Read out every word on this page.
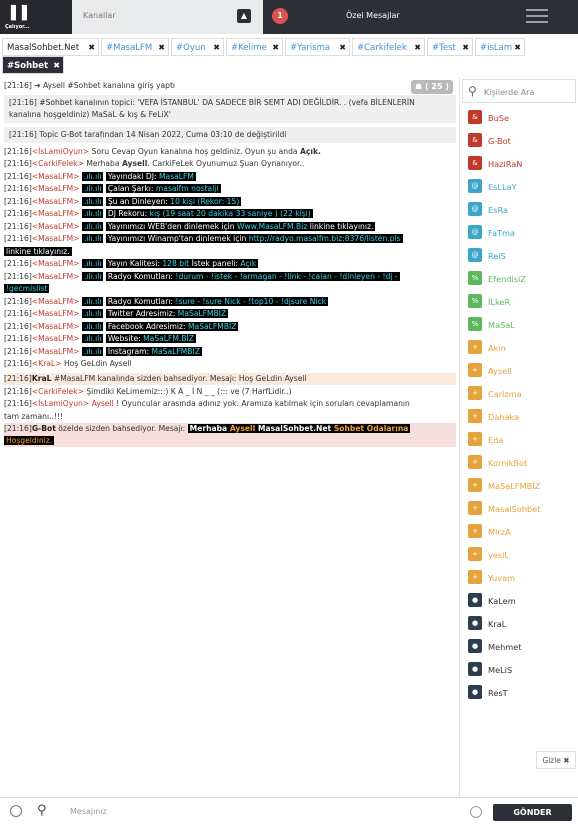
▌▌
Çalıyor...
Kanallar	▲	1	Özel Mesajlar
MasalSohbet.Net ✖	#MasaLFM ✖	#Oyun ✖	#Kelime ✖	#Yarisma ✖	#Carkifelek ✖	#Test ✖	#isLam ✖
#Sohbet ✖
[21:16] ➔ Aysell #Sohbet kanalına giriş yaptı	☗ ( 25 )
[21:16] #Sohbet kanalının topici: 'VEFA İSTANBUL' DA SADECE BİR SEMT ADI DEĞİLDİR. . (vefa BİLENLERİN
kanalına hoşgeldiniz) MaSaL & kış & FeLiX'
[21:16] Topic G-Bot tarafından 14 Nisan 2022, Cuma 03:10 de değiştirildi
[21:16]<İsLamiOyun> Soru Cevap Oyun kanalına hoş geldiniz. Oyun şu anda Açık.
[21:16]<CarkiFelek> Merhaba Aysell. CarkiFeLek Oyunumuz Şuan Oynanıyor..
[21:16]<MasaLFM> .ılı.ılı Yayındaki DJ: MasaLFM
[21:16]<MasaLFM> .ılı.ılı Çalan Şarkı: masalfm nostalji
[21:16]<MasaLFM> .ılı.ılı Şu an Dinleyen: 10 kişi (Rekor: 15)
[21:16]<MasaLFM> .ılı.ılı DJ Rekoru: kış (19 saat 20 dakika 33 saniye ) (22 kişi)
[21:16]<MasaLFM> .ılı.ılı Yayınımızı WEB'den dinlemek için Www.MasaLFM.Biz linkine tıklayınız.
[21:16]<MasaLFM> .ılı.ılı Yayınımızı Winamp'tan dinlemek için http://radyo.masalfm.biz:8376/listen.pls
[21:16]<MasaLFM> .ılı.ılı Yayın Kalitesi: 128 bit İstek paneli: Açık
[21:16]<MasaLFM> .ılı.ılı Radyo Komutları: !durum - !istek - !armagan - !link - !calan - !dinleyen - !dj -
[21:16]<MasaLFM> .ılı.ılı Radyo Komutları: !sure - !sure Nick - !top10 - !djsure Nick
[21:16]<MasaLFM> .ılı.ılı Twitter Adresimiz: MaSaLFMBİZ
[21:16]<MasaLFM> .ılı.ılı Facebook Adresimiz: MaSaLFMBİZ
[21:16]<MasaLFM> .ılı.ılı Website: MaSaLFM.BİZ
[21:16]<MasaLFM> .ılı.ılı İnstagram: MaSaLFMBİZ
[21:16]<KraL> Hoş GeLdin Aysell
[21:16]KraL #MasaLFM kanalında sizden bahsediyor. Mesajı: Hoş GeLdin Aysell
[21:16]<CarkiFelek> Şimdiki KeLimemiz:::) K A _ İ N _ _ (::: ve (7 HarfLidir..)
[21:16]<İsLamiOyun> Aysell ! Oyuncular arasında adınız yok. Aramıza katılmak için soruları cevaplamanın
[21:16]G-Bot özelde sizden bahsediyor. Mesajı: Merhaba Aysell MasalSohbet.Net Sohbet Odalarına
linkine tıklayınız.
!gecmislist
tam zamanı..!!!
Hoşgeldiniz.
⚲ Kişilerde Ara
& BuSe
& G-Bot
& HaziRaN
@ EsLLaY
@ EsRa
@ FaTma
@ ReiS
% EfendisiZ
% İLkeR
% MaSaL
+ Akın
+ Aysell
+ Carizma
+ Dahaka
+ Eda
+ KornikBot
+ MaSaLFMBİZ
+ MasalSohbet
+ MirzA
+ yesiL
+ Yuvam
● KaLem
● KraL
● Mehmet
● MeLiS
● ResT
Gizle ✖
⚲	Mesajınız	GÖNDER
